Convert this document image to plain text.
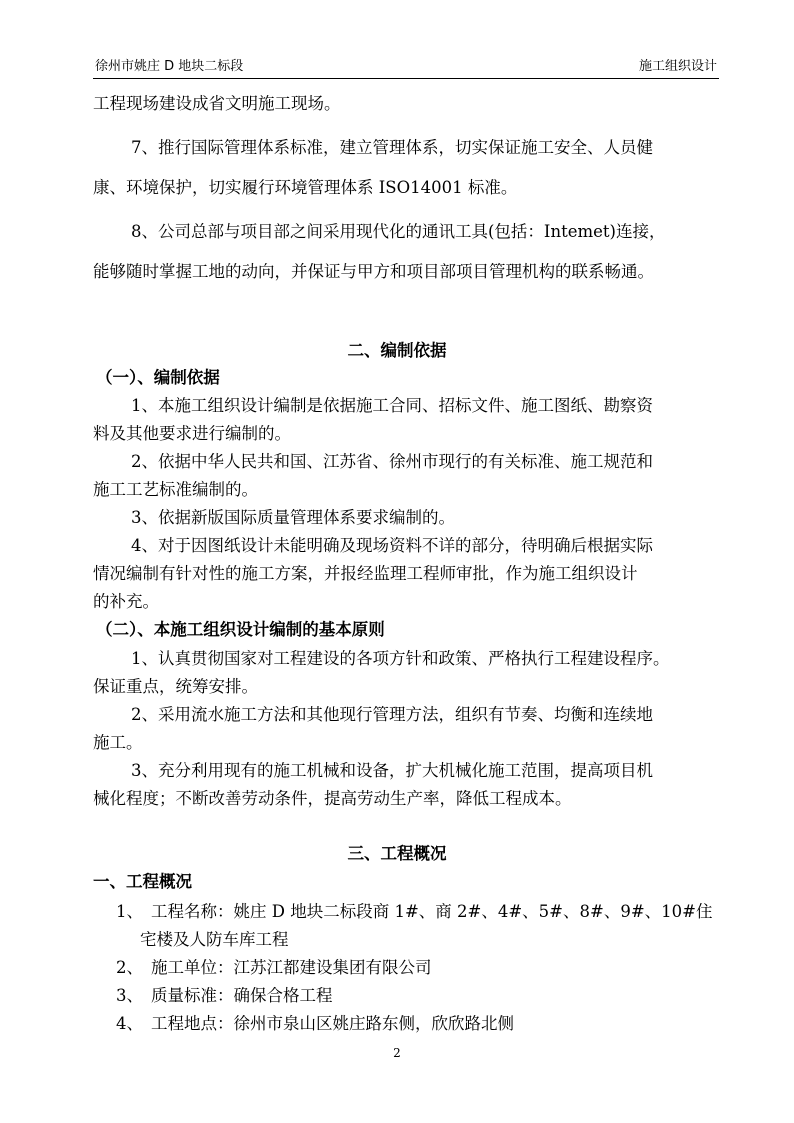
徐州市姚庄 D 地块二标段	施工组织设计
工程现场建设成省文明施工现场。
7、推行国际管理体系标准，建立管理体系，切实保证施工安全、人员健
康、环境保护，切实履行环境管理体系 ISO14001 标准。
8、公司总部与项目部之间采用现代化的通讯工具(包括：Intemet)连接，
能够随时掌握工地的动向，并保证与甲方和项目部项目管理机构的联系畅通。
二、编制依据
（一）、编制依据
1、本施工组织设计编制是依据施工合同、招标文件、施工图纸、勘察资
料及其他要求进行编制的。
2、依据中华人民共和国、江苏省、徐州市现行的有关标准、施工规范和
施工工艺标准编制的。
3、依据新版国际质量管理体系要求编制的。
4、对于因图纸设计未能明确及现场资料不详的部分，待明确后根据实际
情况编制有针对性的施工方案，并报经监理工程师审批，作为施工组织设计
的补充。
（二）、本施工组织设计编制的基本原则
1、认真贯彻国家对工程建设的各项方针和政策、严格执行工程建设程序。
保证重点，统筹安排。
2、采用流水施工方法和其他现行管理方法，组织有节奏、均衡和连续地
施工。
3、充分利用现有的施工机械和设备，扩大机械化施工范围，提高项目机
械化程度；不断改善劳动条件，提高劳动生产率，降低工程成本。
三、工程概况
一、工程概况
1、 工程名称：姚庄 D 地块二标段商 1#、商 2#、4#、5#、8#、9#、10#住
宅楼及人防车库工程
2、 施工单位：江苏江都建设集团有限公司
3、 质量标准：确保合格工程
4、 工程地点：徐州市泉山区姚庄路东侧，欣欣路北侧
2
